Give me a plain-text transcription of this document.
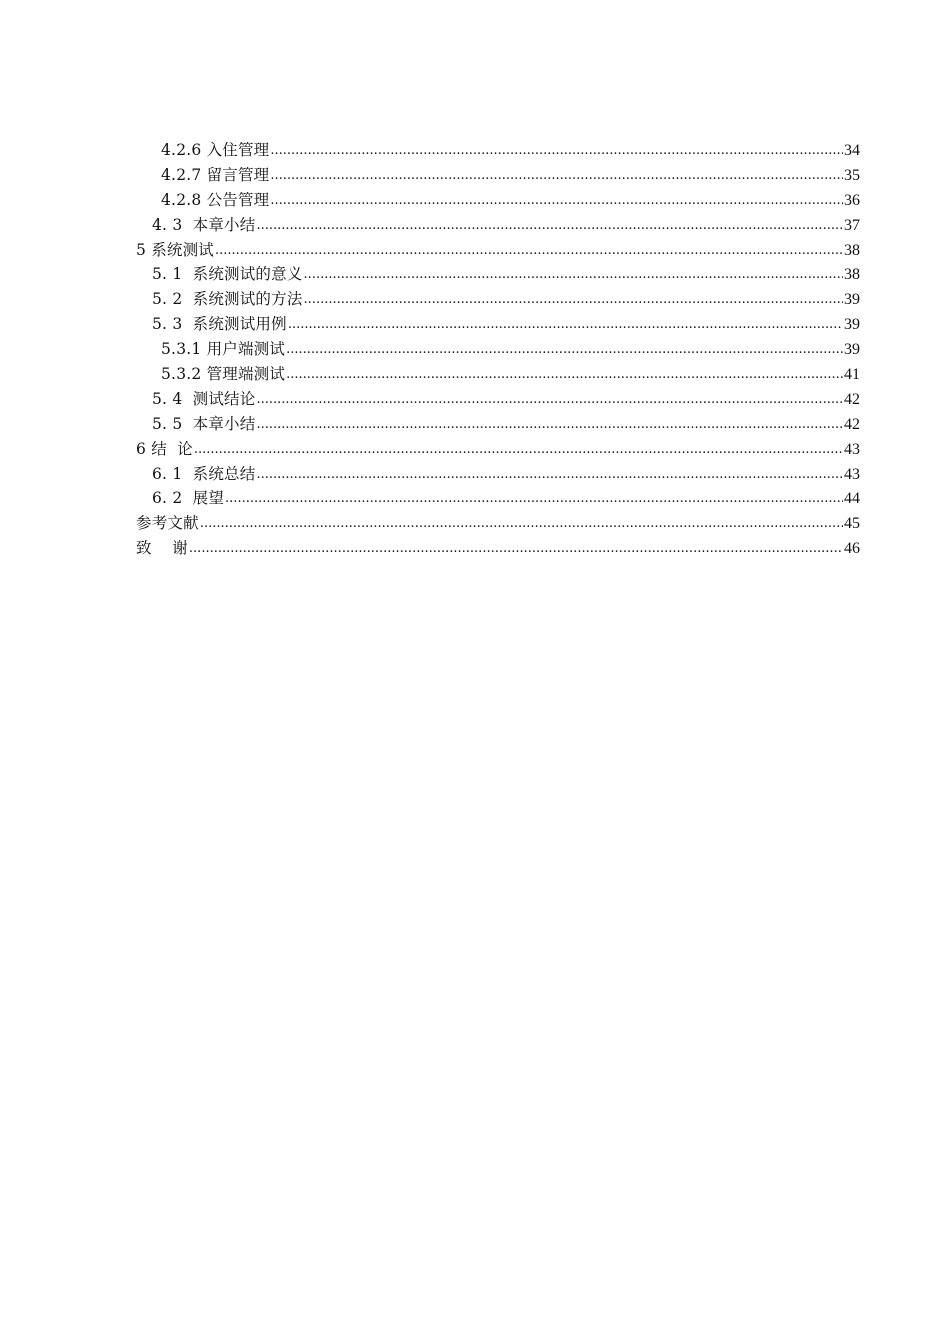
4.2.6 入住管理 .....	34
4.2.7 留言管理 .....	35
4.2.8 公告管理 .....	36
4. 3  本章小结 .....	37
5 系统测试 .....	38
5. 1  系统测试的意义 .....	38
5. 2  系统测试的方法 .....	39
5. 3  系统测试用例 .....	39
5.3.1 用户端测试 .....	39
5.3.2 管理端测试 .....	41
5. 4  测试结论 .....	42
5. 5  本章小结 .....	42
6 结  论 .....	43
6. 1  系统总结 .....	43
6. 2  展望 .....	44
参考文献 .....	45
致    谢 .....	46
